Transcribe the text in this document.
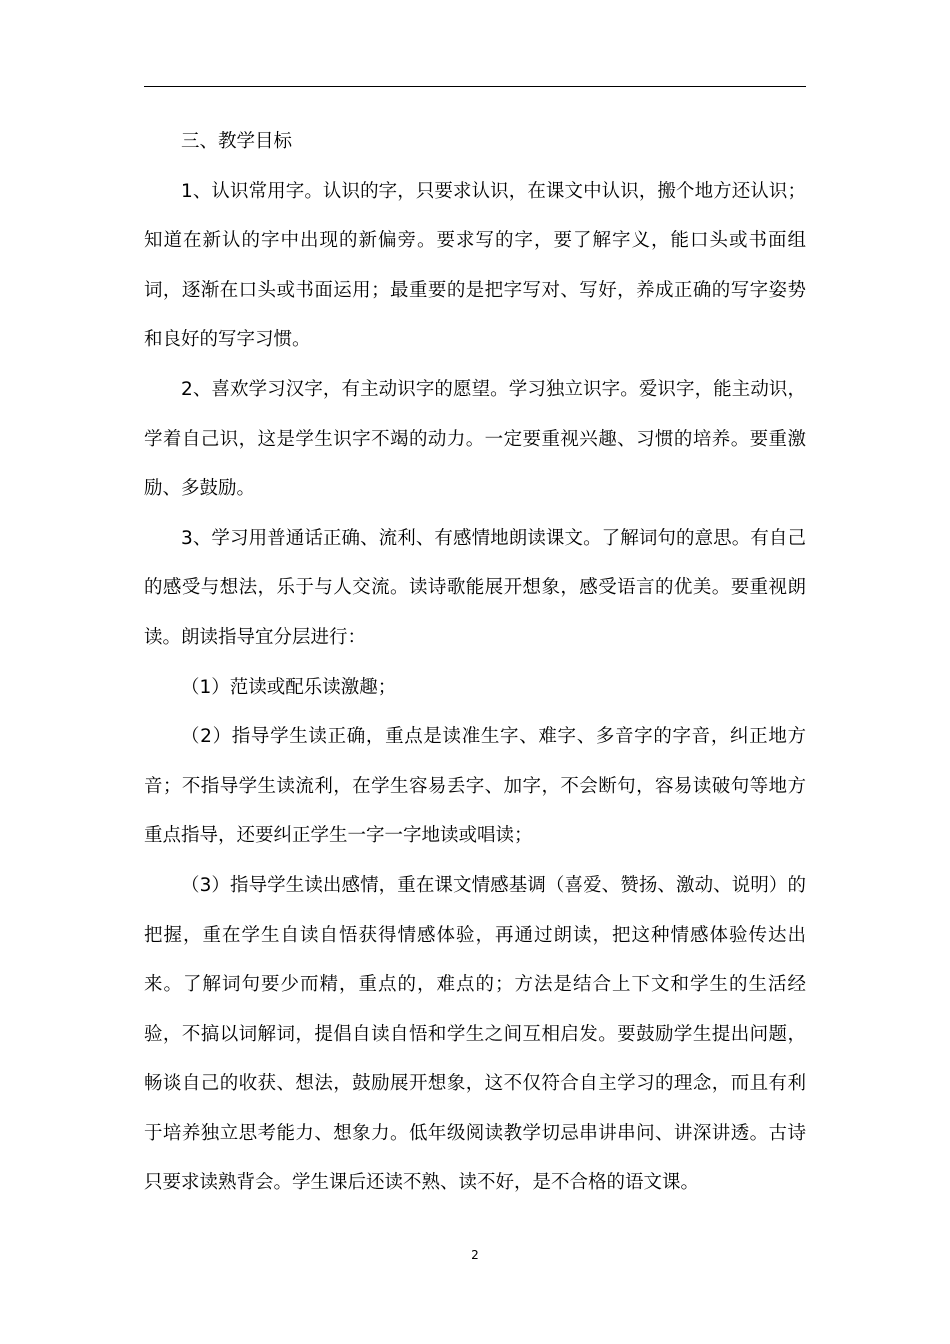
三、教学目标

1、认识常用字。认识的字，只要求认识，在课文中认识，搬个地方还认识；知道在新认的字中出现的新偏旁。要求写的字，要了解字义，能口头或书面组词，逐渐在口头或书面运用；最重要的是把字写对、写好，养成正确的写字姿势和良好的写字习惯。

2、喜欢学习汉字，有主动识字的愿望。学习独立识字。爱识字，能主动识，学着自己识，这是学生识字不竭的动力。一定要重视兴趣、习惯的培养。要重激励、多鼓励。

3、学习用普通话正确、流利、有感情地朗读课文。了解词句的意思。有自己的感受与想法，乐于与人交流。读诗歌能展开想象，感受语言的优美。要重视朗读。朗读指导宜分层进行：

（1）范读或配乐读激趣；

（2）指导学生读正确，重点是读准生字、难字、多音字的字音，纠正地方音；不指导学生读流利，在学生容易丢字、加字，不会断句，容易读破句等地方重点指导，还要纠正学生一字一字地读或唱读；

（3）指导学生读出感情，重在课文情感基调（喜爱、赞扬、激动、说明）的把握，重在学生自读自悟获得情感体验，再通过朗读，把这种情感体验传达出来。了解词句要少而精，重点的，难点的；方法是结合上下文和学生的生活经验，不搞以词解词，提倡自读自悟和学生之间互相启发。要鼓励学生提出问题，畅谈自己的收获、想法，鼓励展开想象，这不仅符合自主学习的理念，而且有利于培养独立思考能力、想象力。低年级阅读教学切忌串讲串问、讲深讲透。古诗只要求读熟背会。学生课后还读不熟、读不好，是不合格的语文课。

2
